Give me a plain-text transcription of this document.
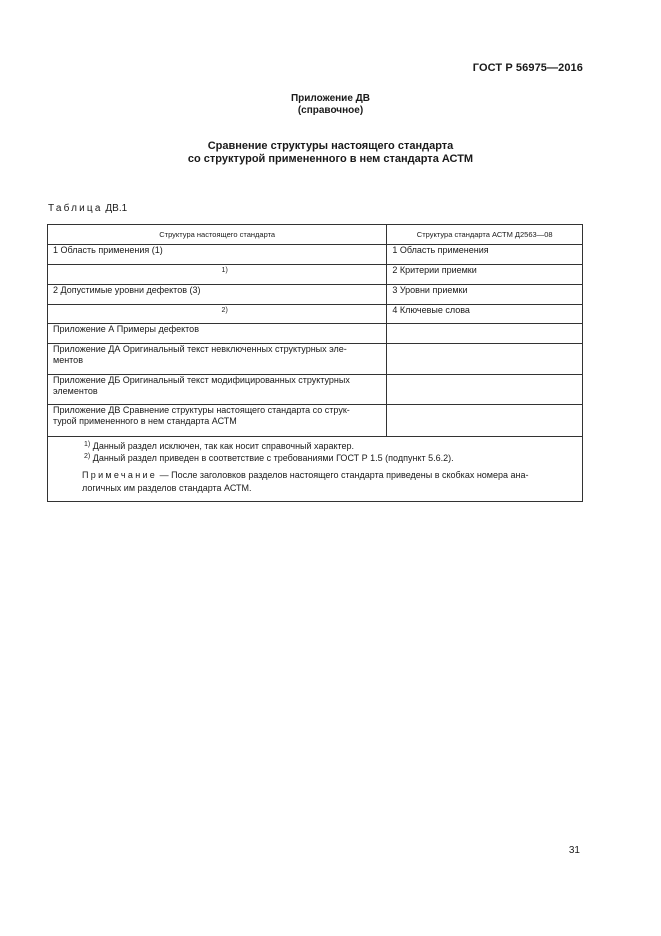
ГОСТ Р 56975—2016
Приложение ДВ
(справочное)
Сравнение структуры настоящего стандарта
со структурой примененного в нем стандарта АСТМ
Таблица ДВ.1
Структура настоящего стандарта	Структура стандарта АСТМ Д2563—08
1 Область применения (1)	1 Область применения
1)	2 Критерии приемки
2 Допустимые уровни дефектов (3)	3 Уровни приемки
2)	4 Ключевые слова
Приложение А Примеры дефектов	

Приложение ДА Оригинальный текст невключенных структурных эле-
ментов	

Приложение ДБ Оригинальный текст модифицированных структурных
элементов	

Приложение ДВ Сравнение структуры настоящего стандарта со струк-
турой примененного в нем стандарта АСТМ	

$^{1)}$ Данный раздел исключен, так как носит справочный характер.
$^{2)}$ Данный раздел приведен в соответствие с требованиями ГОСТ Р 1.5 (подпункт 5.6.2).
Примечание — После заголовков разделов настоящего стандарта приведены в скобках номера ана-
логичных им разделов стандарта АСТМ.	
31
